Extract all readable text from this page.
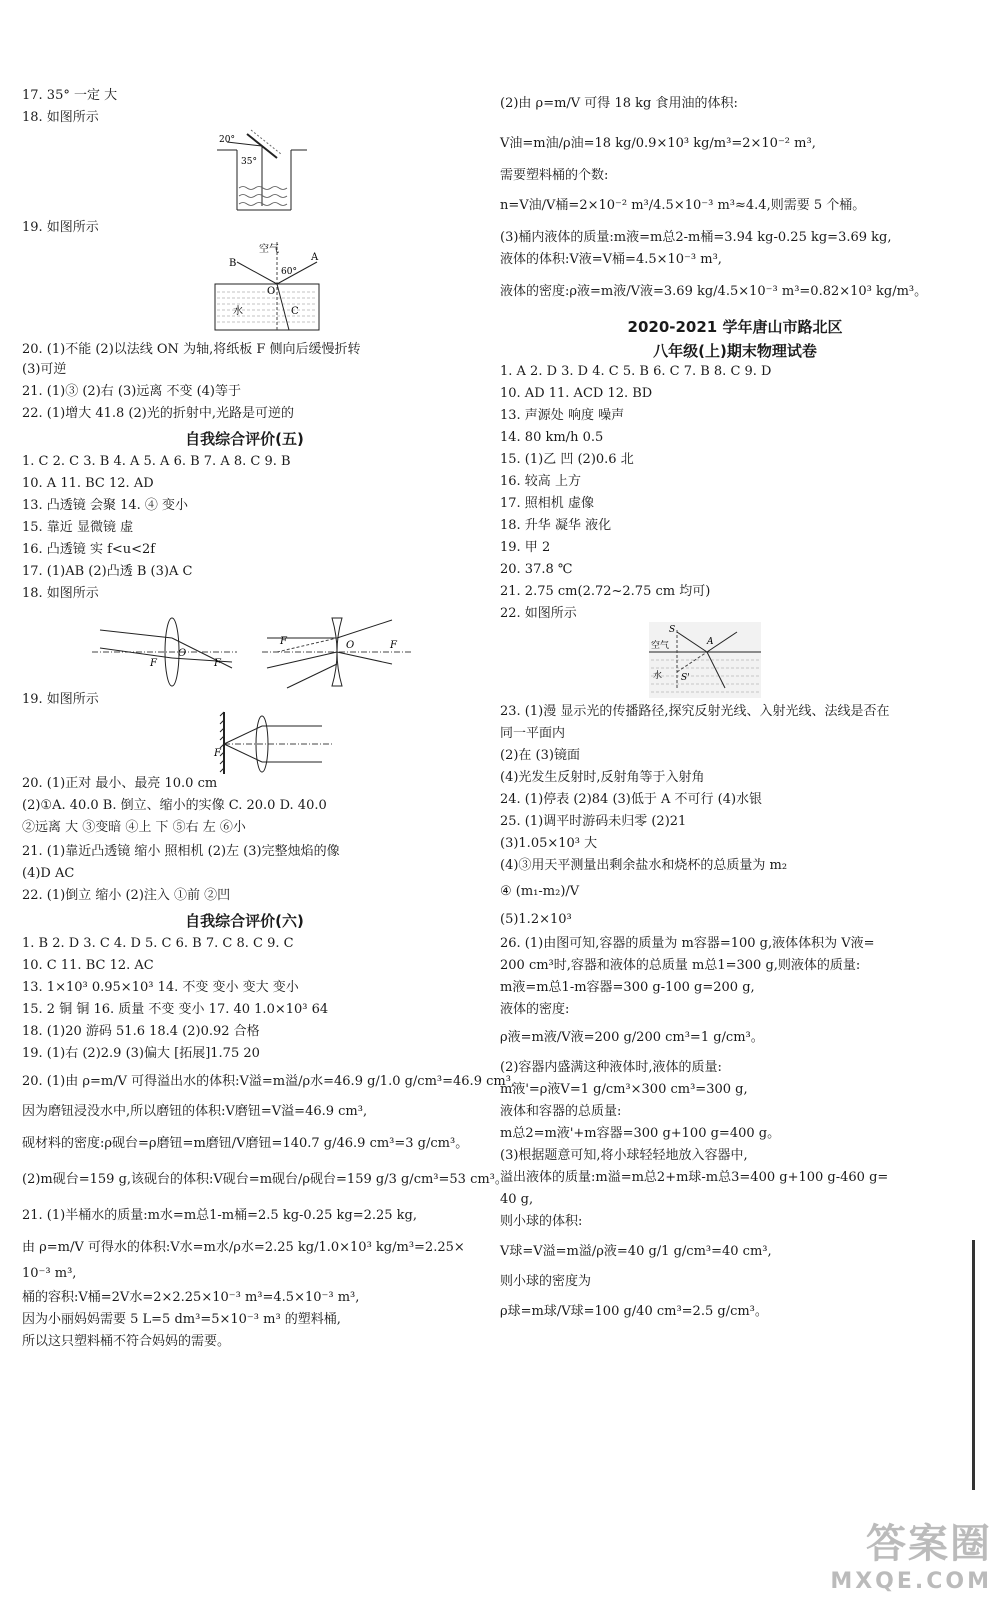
17. 35° 一定 大
18. 如图所示
20°
35°
19. 如图所示
空气
B
A
60°
O
水	C
20. (1)不能 (2)以法线 ON 为轴,将纸板 F 侧向后缓慢折转
(3)可逆
21. (1)③ (2)右 (3)远离 不变 (4)等于
22. (1)增大 41.8 (2)光的折射中,光路是可逆的
自我综合评价(五)
1. C 2. C 3. B 4. A 5. A 6. B 7. A 8. C 9. B
10. A 11. BC 12. AD
13. 凸透镜 会聚 14. ④ 变小
15. 靠近 显微镜 虚
16. 凸透镜 实 f<u<2f
17. (1)AB (2)凸透 B (3)A C
18. 如图所示
F
O
F
F	O	F
19. 如图所示
F
20. (1)正对 最小、最亮 10.0 cm
(2)①A. 40.0 B. 倒立、缩小的实像 C. 20.0 D. 40.0
②远离 大 ③变暗 ④上 下 ⑤右 左 ⑥小
21. (1)靠近凸透镜 缩小 照相机 (2)左 (3)完整烛焰的像
(4)D AC
22. (1)倒立 缩小 (2)注入 ①前 ②凹
自我综合评价(六)
1. B 2. D 3. C 4. D 5. C 6. B 7. C 8. C 9. C
10. C 11. BC 12. AC
13. 1×10³ 0.95×10³ 14. 不变 变小 变大 变小
15. 2 铜 铜 16. 质量 不变 变小 17. 40 1.0×10³ 64
18. (1)20 游码 51.6 18.4 (2)0.92 合格
19. (1)右 (2)2.9 (3)偏大 [拓展]1.75 20
20. (1)由 ρ=m/V 可得溢出水的体积:V溢=m溢/ρ水=46.9 g/1.0 g/cm³=46.9 cm³,
因为磨钮浸没水中,所以磨钮的体积:V磨钮=V溢=46.9 cm³,
砚材料的密度:ρ砚台=ρ磨钮=m磨钮/V磨钮=140.7 g/46.9 cm³=3 g/cm³。
(2)m砚台=159 g,该砚台的体积:V砚台=m砚台/ρ砚台=159 g/3 g/cm³=53 cm³。
21. (1)半桶水的质量:m水=m总1-m桶=2.5 kg-0.25 kg=2.25 kg,
由 ρ=m/V 可得水的体积:V水=m水/ρ水=2.25 kg/1.0×10³ kg/m³=2.25×
10⁻³ m³,
桶的容积:V桶=2V水=2×2.25×10⁻³ m³=4.5×10⁻³ m³,
因为小丽妈妈需要 5 L=5 dm³=5×10⁻³ m³ 的塑料桶,
所以这只塑料桶不符合妈妈的需要。
(2)由 ρ=m/V 可得 18 kg 食用油的体积:
V油=m油/ρ油=18 kg/0.9×10³ kg/m³=2×10⁻² m³,
需要塑料桶的个数:
n=V油/V桶=2×10⁻² m³/4.5×10⁻³ m³≈4.4,则需要 5 个桶。
(3)桶内液体的质量:m液=m总2-m桶=3.94 kg-0.25 kg=3.69 kg,
液体的体积:V液=V桶=4.5×10⁻³ m³,
液体的密度:ρ液=m液/V液=3.69 kg/4.5×10⁻³ m³=0.82×10³ kg/m³。
2020-2021 学年唐山市路北区
八年级(上)期末物理试卷
1. A 2. D 3. D 4. C 5. B 6. C 7. B 8. C 9. D
10. AD 11. ACD 12. BD
13. 声源处 响度 噪声
14. 80 km/h 0.5
15. (1)乙 凹 (2)0.6 北
16. 较高 上方
17. 照相机 虚像
18. 升华 凝华 液化
19. 甲 2
20. 37.8 ℃
21. 2.75 cm(2.72~2.75 cm 均可)
22. 如图所示
空气
S
A
水 S'
23. (1)漫 显示光的传播路径,探究反射光线、入射光线、法线是否在
同一平面内
(2)在 (3)镜面
(4)光发生反射时,反射角等于入射角
24. (1)停表 (2)84 (3)低于 A 不可行 (4)水银
25. (1)调平时游码未归零 (2)21
(3)1.05×10³ 大
(4)③用天平测量出剩余盐水和烧杯的总质量为 m₂
④ (m₁-m₂)/V
(5)1.2×10³
26. (1)由图可知,容器的质量为 m容器=100 g,液体体积为 V液=
200 cm³时,容器和液体的总质量 m总1=300 g,则液体的质量:
m液=m总1-m容器=300 g-100 g=200 g,
液体的密度:
ρ液=m液/V液=200 g/200 cm³=1 g/cm³。
(2)容器内盛满这种液体时,液体的质量:
m液'=ρ液V=1 g/cm³×300 cm³=300 g,
液体和容器的总质量:
m总2=m液'+m容器=300 g+100 g=400 g。
(3)根据题意可知,将小球轻轻地放入容器中,
溢出液体的质量:m溢=m总2+m球-m总3=400 g+100 g-460 g=
40 g,
则小球的体积:
V球=V溢=m溢/ρ液=40 g/1 g/cm³=40 cm³,
则小球的密度为
ρ球=m球/V球=100 g/40 cm³=2.5 g/cm³。
答案圈
MXQE.COM
